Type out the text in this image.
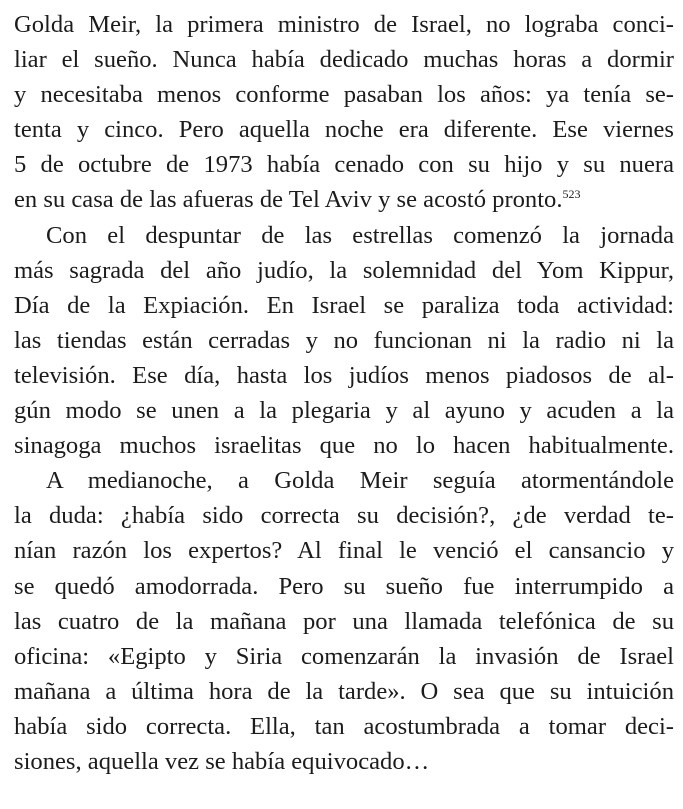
Golda Meir, la primera ministro de Israel, no lograba conci-
liar el sueño. Nunca había dedicado muchas horas a dormir
y necesitaba menos conforme pasaban los años: ya tenía se-
tenta y cinco. Pero aquella noche era diferente. Ese viernes
5 de octubre de 1973 había cenado con su hijo y su nuera
en su casa de las afueras de Tel Aviv y se acostó pronto.$^{523}$
Con el despuntar de las estrellas comenzó la jornada
más sagrada del año judío, la solemnidad del Yom Kippur,
Día de la Expiación. En Israel se paraliza toda actividad:
las tiendas están cerradas y no funcionan ni la radio ni la
televisión. Ese día, hasta los judíos menos piadosos de al-
gún modo se unen a la plegaria y al ayuno y acuden a la
sinagoga muchos israelitas que no lo hacen habitualmente.
A medianoche, a Golda Meir seguía atormentándole
la duda: ¿había sido correcta su decisión?, ¿de verdad te-
nían razón los expertos? Al final le venció el cansancio y
se quedó amodorrada. Pero su sueño fue interrumpido a
las cuatro de la mañana por una llamada telefónica de su
oficina: «Egipto y Siria comenzarán la invasión de Israel
mañana a última hora de la tarde». O sea que su intuición
había sido correcta. Ella, tan acostumbrada a tomar deci-
siones, aquella vez se había equivocado…
